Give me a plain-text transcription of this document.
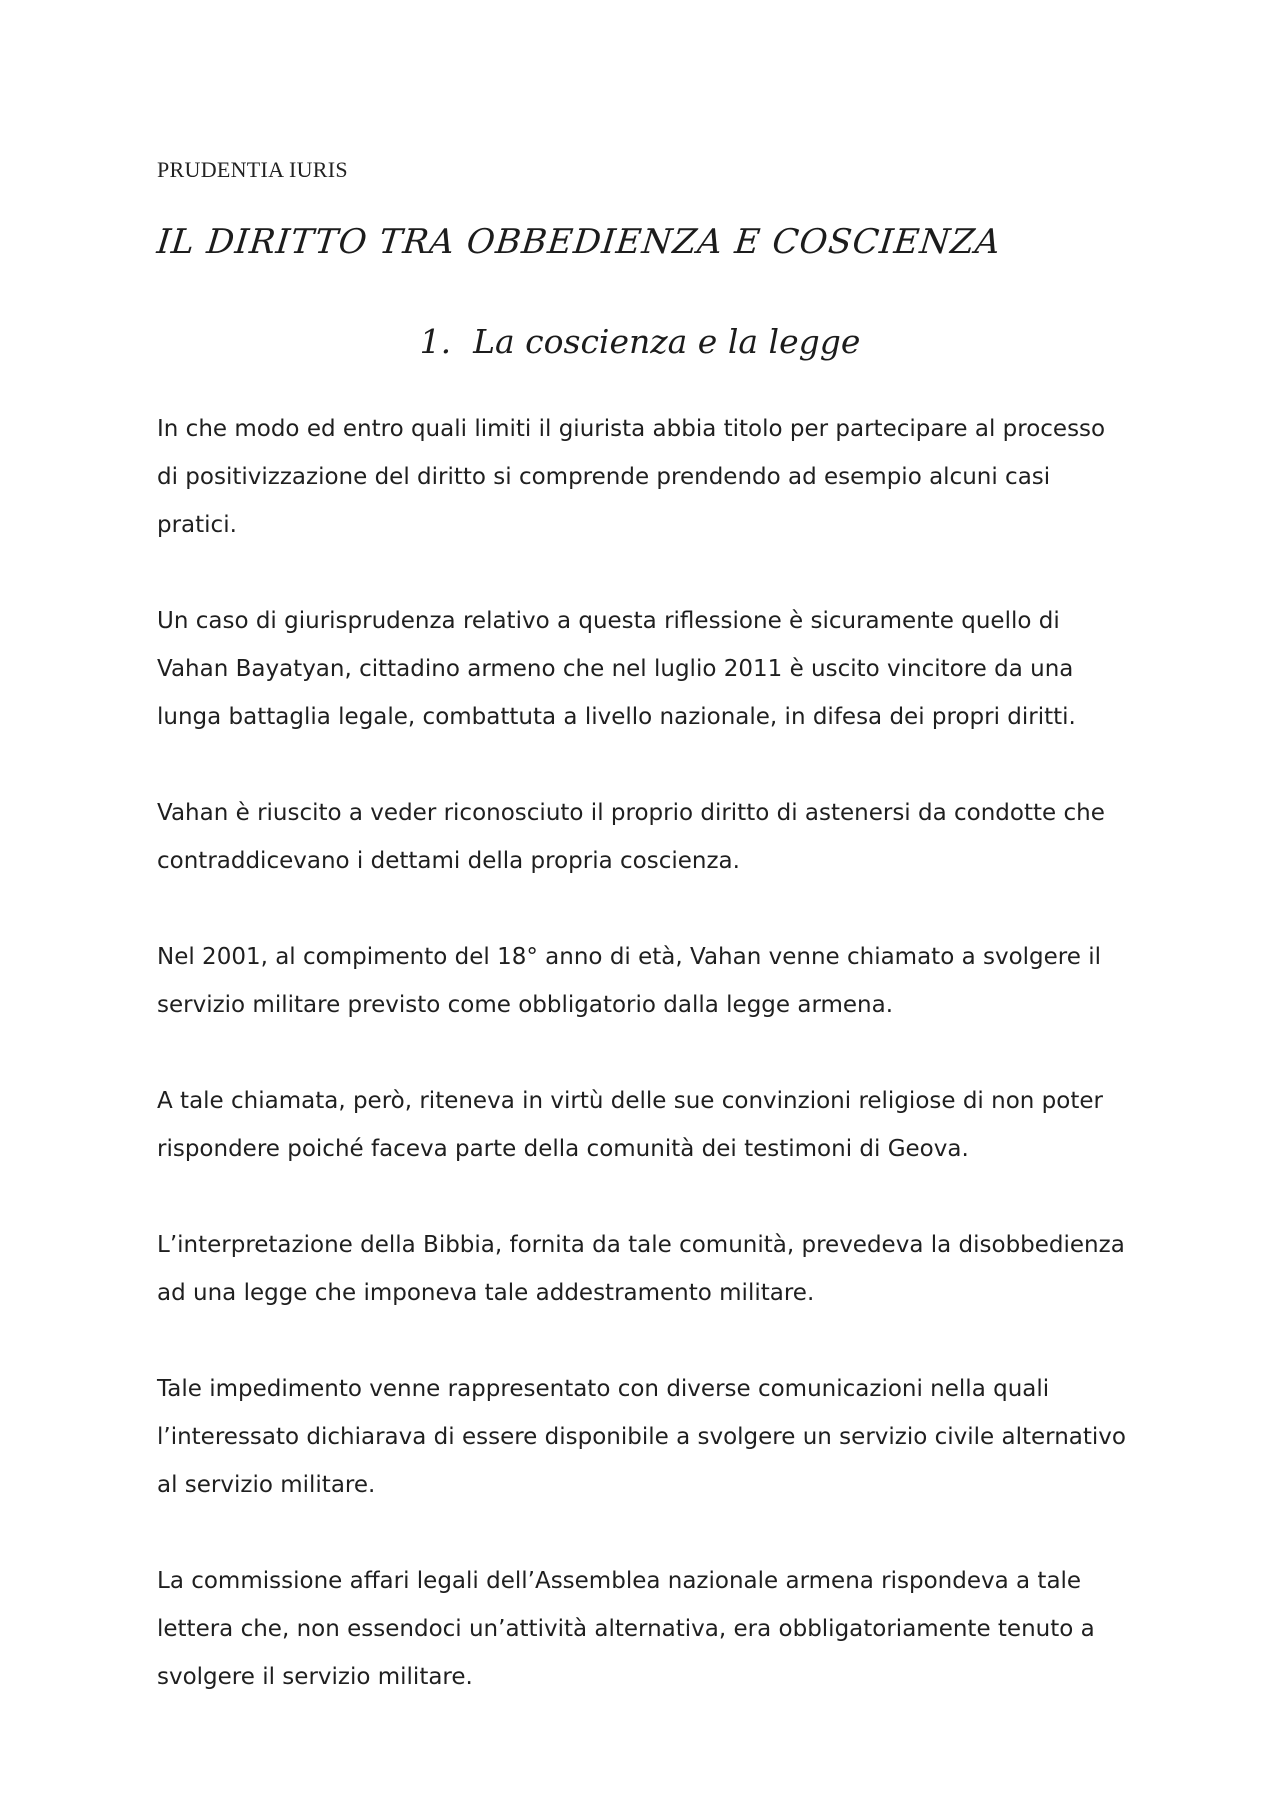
PRUDENTIA IURIS
IL DIRITTO TRA OBBEDIENZA E COSCIENZA
1. La coscienza e la legge

In che modo ed entro quali limiti il giurista abbia titolo per partecipare al processo di positivizzazione del diritto si comprende prendendo ad esempio alcuni casi pratici.

Un caso di giurisprudenza relativo a questa riflessione è sicuramente quello di Vahan Bayatyan, cittadino armeno che nel luglio 2011 è uscito vincitore da una lunga battaglia legale, combattuta a livello nazionale, in difesa dei propri diritti.

Vahan è riuscito a veder riconosciuto il proprio diritto di astenersi da condotte che contraddicevano i dettami della propria coscienza.

Nel 2001, al compimento del 18° anno di età, Vahan venne chiamato a svolgere il servizio militare previsto come obbligatorio dalla legge armena.

A tale chiamata, però, riteneva in virtù delle sue convinzioni religiose di non poter rispondere poiché faceva parte della comunità dei testimoni di Geova.

L’interpretazione della Bibbia, fornita da tale comunità, prevedeva la disobbedienza ad una legge che imponeva tale addestramento militare.

Tale impedimento venne rappresentato con diverse comunicazioni nella quali l’interessato dichiarava di essere disponibile a svolgere un servizio civile alternativo al servizio militare.

La commissione affari legali dell’Assemblea nazionale armena rispondeva a tale lettera che, non essendoci un’attività alternativa, era obbligatoriamente tenuto a svolgere il servizio militare.
